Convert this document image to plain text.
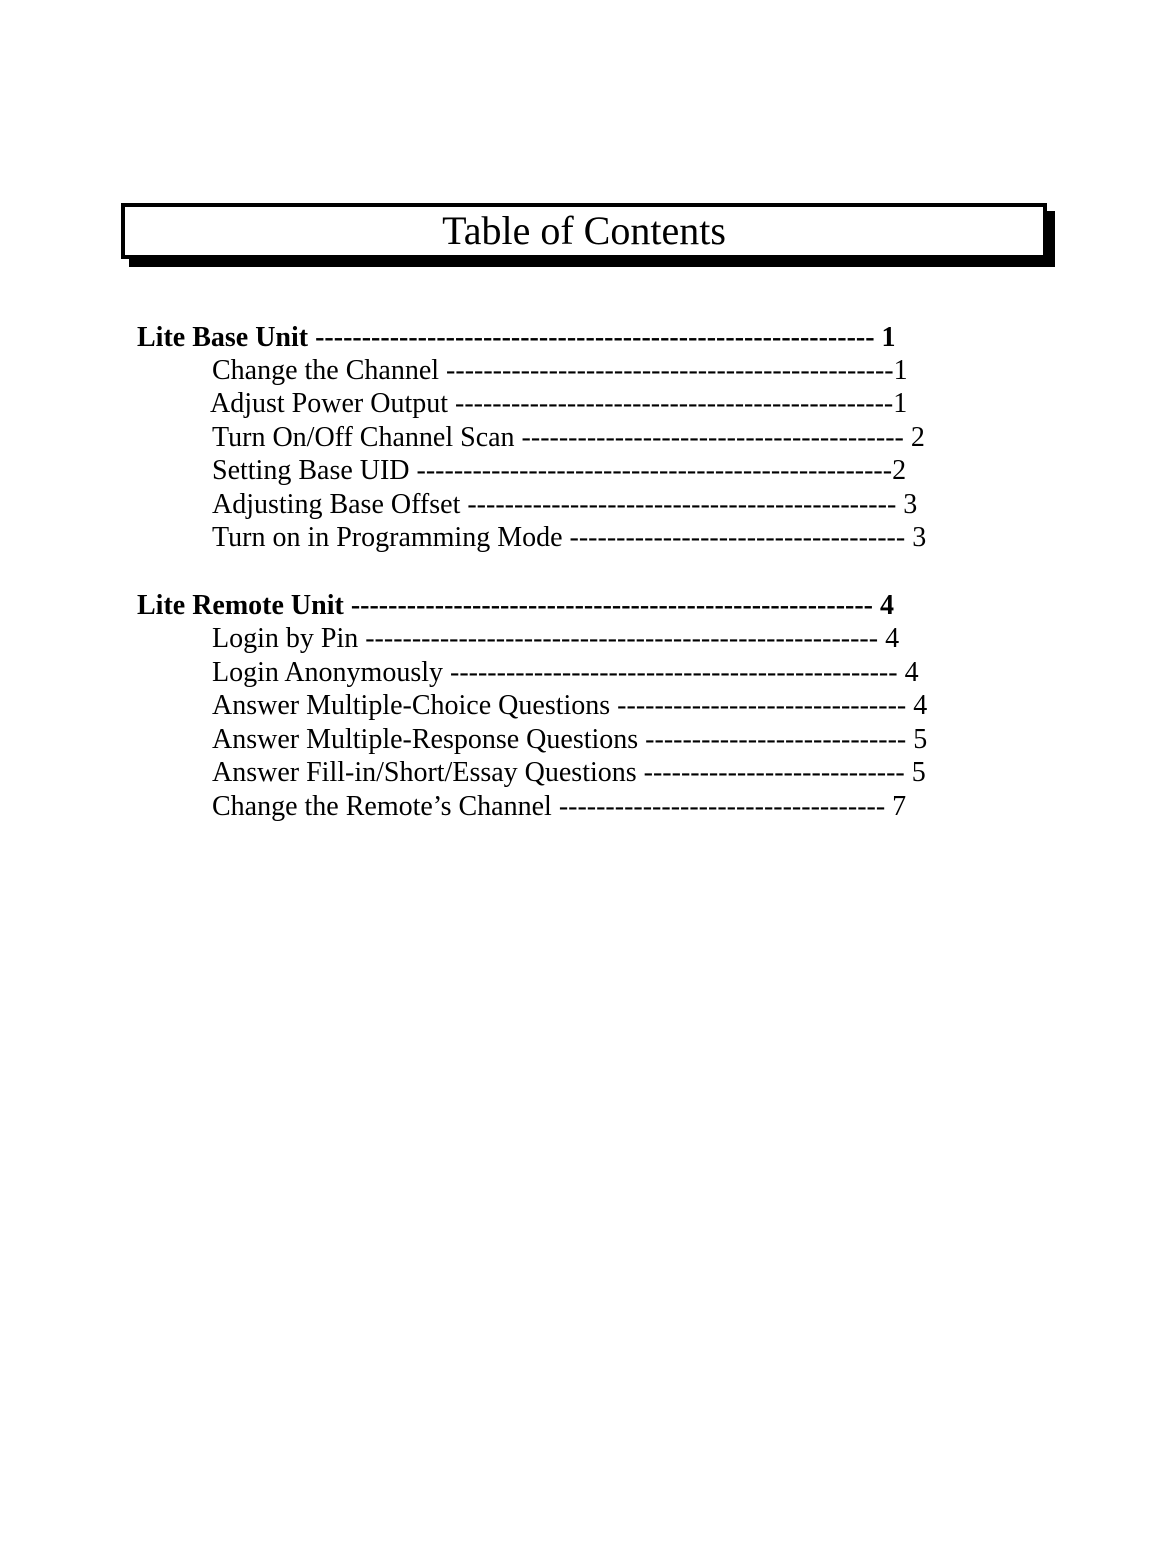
Table of Contents
Lite Base Unit ------------------------------------------------------------ 1
Change the Channel ------------------------------------------------1
Adjust Power Output -----------------------------------------------1
Turn On/Off Channel Scan ----------------------------------------- 2
Setting Base UID ---------------------------------------------------2
Adjusting Base Offset ---------------------------------------------- 3
Turn on in Programming Mode ------------------------------------ 3
Lite Remote Unit -------------------------------------------------------- 4
Login by Pin ------------------------------------------------------- 4
Login Anonymously ------------------------------------------------ 4
Answer Multiple-Choice Questions ------------------------------- 4
Answer Multiple-Response Questions ---------------------------- 5
Answer Fill-in/Short/Essay Questions ---------------------------- 5
Change the Remote’s Channel ----------------------------------- 7
